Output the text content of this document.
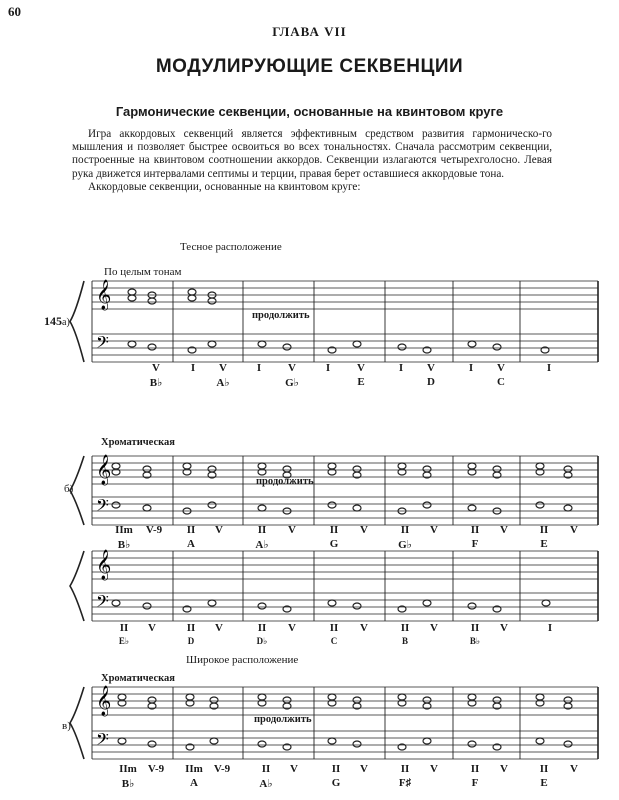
60
ГЛАВА VII
МОДУЛИРУЮЩИЕ СЕКВЕНЦИИ
Гармонические секвенции, основанные на квинтовом круге

Игра аккордовых секвенций является эффективным средством развития гармоническо-го мышления и позволяет быстрее освоиться во всех тональностях. Сначала рассмотрим секвенции, построенные на квинтовом соотношении аккордов. Секвенции излагаются четырехголосно. Левая рука движется интервалами септимы и терции, правая берет оставшиеся аккордовые тона.

Аккордовые секвенции, основанные на квинтовом круге:

Тесное расположение
По целым тонам
145а)
𝄞
𝄢
𝄞
𝄢
𝄞
𝄢
𝄞
𝄢
продолжить
V	I	V	I	V	I	V	I	V	I	V	I
B♭	A♭	G♭	E	D	C
Хроматическая
б)
продолжить
IIm	V-9	II	V	II	V	II	V	II	V	II	V	II	V
B♭	A	A♭	G	G♭	F	E
II	V	II	V	II	V	II	V	II	V	II	V	I
E♭	D	D♭	C	B	B♭
Широкое расположение
Хроматическая
в)
продолжить
IIm V-9	IIm V-9	II	V	II	V	II	V	II	V	II	V
B♭	A	A♭	G	F♯	F	E
